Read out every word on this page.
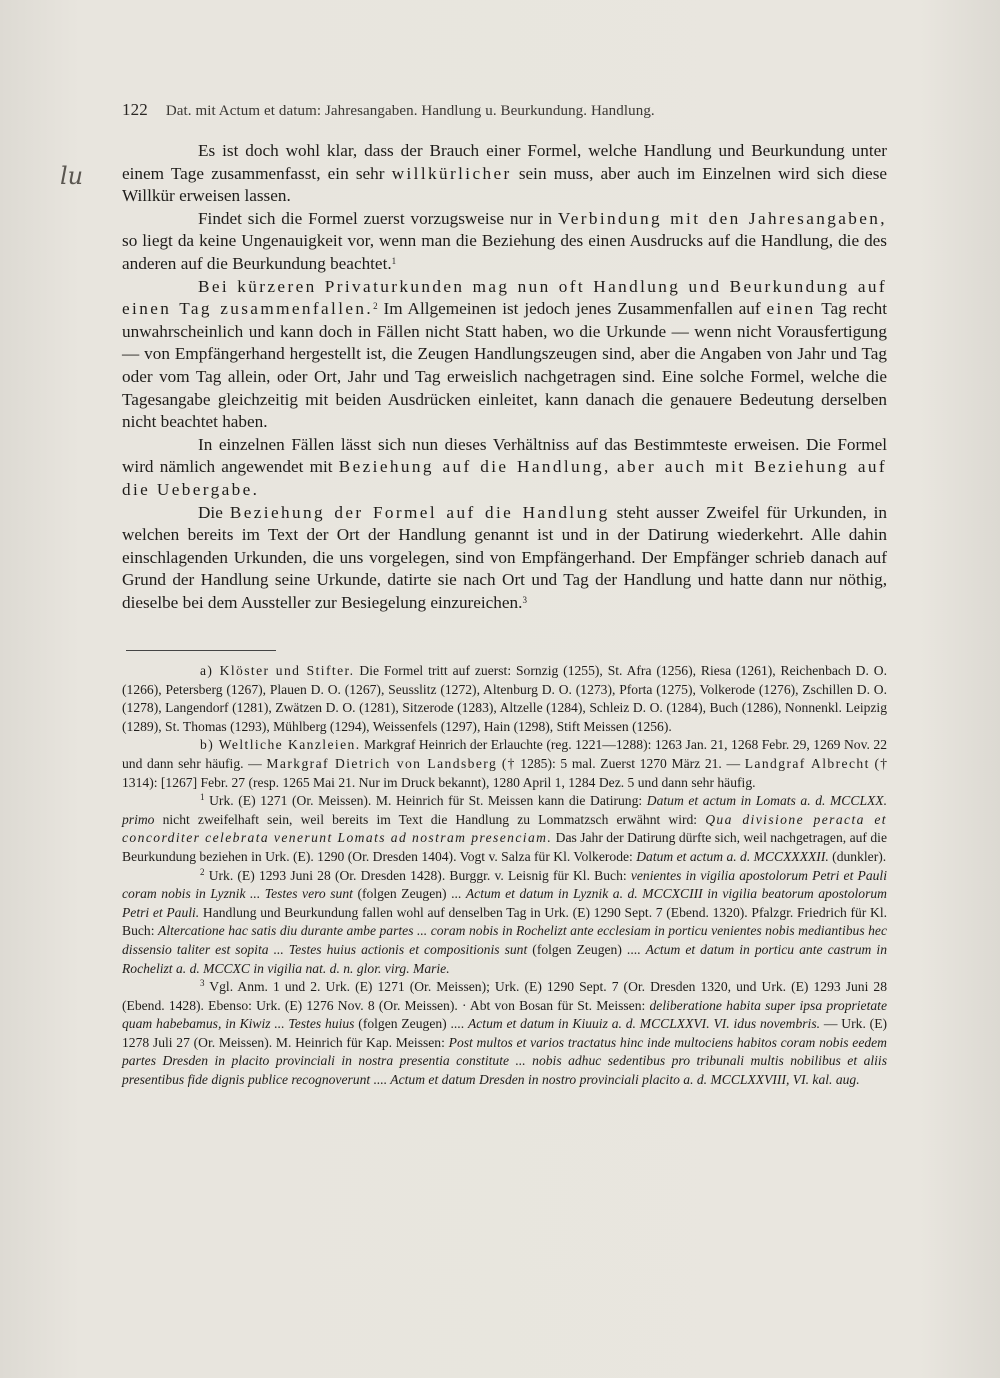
122 Dat. mit Actum et datum: Jahresangaben. Handlung u. Beurkundung. Handlung.
lu

Es ist doch wohl klar, dass der Brauch einer Formel, welche Handlung und Beurkundung unter einem Tage zusammenfasst, ein sehr willkürlicher sein muss, aber auch im Einzelnen wird sich diese Willkür erweisen lassen.

Findet sich die Formel zuerst vorzugsweise nur in Verbindung mit den Jahresangaben, so liegt da keine Ungenauigkeit vor, wenn man die Beziehung des einen Ausdrucks auf die Handlung, die des anderen auf die Beurkundung beachtet.$^1$

Bei kürzeren Privaturkunden mag nun oft Handlung und Beurkundung auf einen Tag zusammenfallen.$^2$ Im Allgemeinen ist jedoch jenes Zusammenfallen auf einen Tag recht unwahrscheinlich und kann doch in Fällen nicht Statt haben, wo die Urkunde — wenn nicht Vorausfertigung — von Empfängerhand hergestellt ist, die Zeugen Handlungszeugen sind, aber die Angaben von Jahr und Tag oder vom Tag allein, oder Ort, Jahr und Tag erweislich nachgetragen sind. Eine solche Formel, welche die Tagesangabe gleichzeitig mit beiden Ausdrücken einleitet, kann danach die genauere Bedeutung derselben nicht beachtet haben.

In einzelnen Fällen lässt sich nun dieses Verhältniss auf das Bestimmteste erweisen. Die Formel wird nämlich angewendet mit Beziehung auf die Handlung, aber auch mit Beziehung auf die Uebergabe.

Die Beziehung der Formel auf die Handlung steht ausser Zweifel für Urkunden, in welchen bereits im Text der Ort der Handlung genannt ist und in der Datirung wiederkehrt. Alle dahin einschlagenden Urkunden, die uns vorgelegen, sind von Empfängerhand. Der Empfänger schrieb danach auf Grund der Handlung seine Urkunde, datirte sie nach Ort und Tag der Handlung und hatte dann nur nöthig, dieselbe bei dem Aussteller zur Besiegelung einzureichen.$^3$

a) Klöster und Stifter. Die Formel tritt auf zuerst: Sornzig (1255), St. Afra (1256), Riesa (1261), Reichenbach D. O. (1266), Petersberg (1267), Plauen D. O. (1267), Seusslitz (1272), Altenburg D. O. (1273), Pforta (1275), Volkerode (1276), Zschillen D. O. (1278), Langendorf (1281), Zwätzen D. O. (1281), Sitzerode (1283), Altzelle (1284), Schleiz D. O. (1284), Buch (1286), Nonnenkl. Leipzig (1289), St. Thomas (1293), Mühlberg (1294), Weissenfels (1297), Hain (1298), Stift Meissen (1256).

b) Weltliche Kanzleien. Markgraf Heinrich der Erlauchte (reg. 1221—1288): 1263 Jan. 21, 1268 Febr. 29, 1269 Nov. 22 und dann sehr häufig. — Markgraf Dietrich von Landsberg († 1285): 5 mal. Zuerst 1270 März 21. — Landgraf Albrecht († 1314): [1267] Febr. 27 (resp. 1265 Mai 21. Nur im Druck bekannt), 1280 April 1, 1284 Dez. 5 und dann sehr häufig.

$^1$ Urk. (E) 1271 (Or. Meissen). M. Heinrich für St. Meissen kann die Datirung: Datum et actum in Lomats a. d. MCCLXX. primo nicht zweifelhaft sein, weil bereits im Text die Handlung zu Lommatzsch erwähnt wird: Qua divisione peracta et concorditer celebrata venerunt Lomats ad nostram presenciam. Das Jahr der Datirung dürfte sich, weil nachgetragen, auf die Beurkundung beziehen in Urk. (E). 1290 (Or. Dresden 1404). Vogt v. Salza für Kl. Volkerode: Datum et actum a. d. MCCXXXXII. (dunkler).

$^2$ Urk. (E) 1293 Juni 28 (Or. Dresden 1428). Burggr. v. Leisnig für Kl. Buch: venientes in vigilia apostolorum Petri et Pauli coram nobis in Lyznik ... Testes vero sunt (folgen Zeugen) ... Actum et datum in Lyznik a. d. MCCXCIII in vigilia beatorum apostolorum Petri et Pauli. Handlung und Beurkundung fallen wohl auf denselben Tag in Urk. (E) 1290 Sept. 7 (Ebend. 1320). Pfalzgr. Friedrich für Kl. Buch: Altercatione hac satis diu durante ambe partes ... coram nobis in Rochelizt ante ecclesiam in porticu venientes nobis mediantibus hec dissensio taliter est sopita ... Testes huius actionis et compositionis sunt (folgen Zeugen) .... Actum et datum in porticu ante castrum in Rochelizt a. d. MCCXC in vigilia nat. d. n. glor. virg. Marie.

$^3$ Vgl. Anm. 1 und 2. Urk. (E) 1271 (Or. Meissen); Urk. (E) 1290 Sept. 7 (Or. Dresden 1320, und Urk. (E) 1293 Juni 28 (Ebend. 1428). Ebenso: Urk. (E) 1276 Nov. 8 (Or. Meissen). · Abt von Bosan für St. Meissen: deliberatione habita super ipsa proprietate quam habebamus, in Kiwiz ... Testes huius (folgen Zeugen) .... Actum et datum in Kiuuiz a. d. MCCLXXVI. VI. idus novembris. — Urk. (E) 1278 Juli 27 (Or. Meissen). M. Heinrich für Kap. Meissen: Post multos et varios tractatus hinc inde multociens habitos coram nobis eedem partes Dresden in placito provinciali in nostra presentia constitute ... nobis adhuc sedentibus pro tribunali multis nobilibus et aliis presentibus fide dignis publice recognoverunt .... Actum et datum Dresden in nostro provinciali placito a. d. MCCLXXVIII, VI. kal. aug.
